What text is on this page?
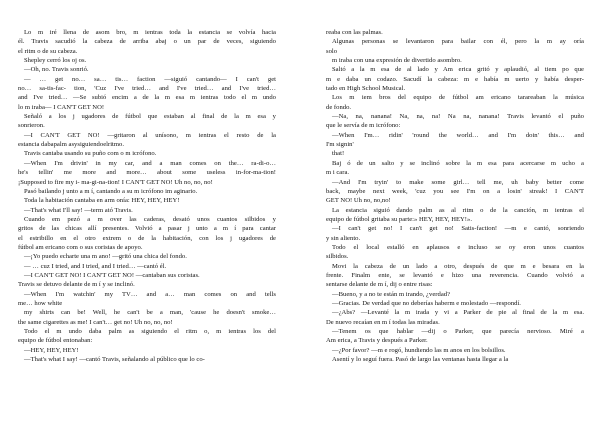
Lo m iré llena de asom bro, m ientras toda la estancia se volvía hacia
él. Travis sacudió la cabeza de arriba abaj o un par de veces, siguiendo
el ritm o de su cabeza.
Shepley cerró los oj os.
—Oh, no. Travis sonrió.
— … get no… sa… tis… faction —siguió cantando— I can't get
no… sa-tis-fac- tion, 'Cuz I've tried… and I've tried… and I've tried…
and I've tried… —Se subió encim a de la m esa m ientras todo el m undo
lo m iraba— I CAN'T GET NO!
Señaló a los j ugadores de fútbol que estaban al final de la m esa y
sonrieron.
—I CAN'T GET NO! —gritaron al unísono, m ientras el resto de la
estancia dabapalm asysiguiendoelritmo.
Travis cantaba usando su puño com o m icrófono.
—When I'm drivin' in my car, and a man comes on the… ra-di-o…
he's tellin' me more and more… about some useless in-for-ma-tion!
¡Supposed to fire my i- ma-gi-na-tion! I CAN'T GET NO! Uh no, no, no!
Pasó bailando j unto a m í, cantando a su m icrófono im aginario.
Toda la habitación cantaba en arm onía: HEY, HEY, HEY!
—That's what I'll say! —term ató Travis.
Cuando em pezó a m over las caderas, desató unos cuantos silbidos y
gritos de las chicas allí presentes. Volvió a pasar j unto a m í para cantar
el estribillo en el otro extrem o de la habitación, con los j ugadores de
fútbol am ericano com o sus coristas de apoyo.
—¡Yo puedo echarte una m ano! —gritó una chica del fondo.
— … cuz I tried, and I tried, and I tried… —cantó él.
—I CAN'T GET NO! I CAN'T GET NO! —cantaban sus coristas.
Travis se detuvo delante de m í y se inclinó.
—When I'm watchin' my TV… and a… man comes on and tells
me… how white
my shirts can be! Well, he can't be a man, 'cause he doesn't smoke…
the same cigarettes as me! I can't… get no! Uh no, no, no!
Todo el m undo daba palm as siguiendo el ritm o, m ientras los del
equipo de fútbol entonaban:
—HEY, HEY, HEY!
—That's what I say! —cantó Travis, señalando al público que lo co-
reaba con las palmas.
Algunas personas se levantaron para bailar con él, pero la m ay oría
solo
m iraba con una expresión de divertido asombro.
Saltó a la m esa de al lado y Am erica gritó y aplaudió, al tiem po que
m e daba un codazo. Sacudí la cabeza: m e había m uerto y había desper-
tado en High School Musical.
Los m iem bros del equipo de fútbol am ericano tarareaban la música
de fondo.
—Na, na, nanana! Na, na, na! Na na, nanana! Travis levantó el puño
que le servía de m icrófono:
—When I'm… ridin' 'round the world… and I'm doin' this… and
I'm signin'
that!
Baj ó de un salto y se inclinó sobre la m esa para acercarse m ucho a
m i cara.
—And I'm tryin' to make some girl… tell me, uh baby better come
back, maybe next week, 'cuz you see I'm on a losin' streak! I CAN'T
GET NO! Uh no, no,no!
La estancia siguió dando palm as al ritm o de la canción, m ientras el
equipo de fútbol gritaba su parte:» HEY, HEY, HEY!».
—I can't get no! I can't get no! Satis-faction! —m e cantó, sonriendo
y sin aliento.
Todo el local estalló en aplausos e incluso se oy eron unos cuantos
silbidos.
Movi la cabeza de un lado a otro, después de que m e besara en la
frente. Finalm ente, se levantó e hizo una reverencia. Cuando volvió a
sentarse delante de m í, dij o entre risas:
—Bueno, y a no te están m irando, ¿verdad?
—Gracias. De verdad que no deberías haberm e molestado —respondí.
—¿Abs? —Levanté la m irada y vi a Parker de pie al final de la m esa.
De nuevo recaían en m í todas las miradas.
—Tenem os que hablar —dij o Parker, que parecía nervioso. Miré a
Am erica, a Travis y después a Parker.
—¿Por favor? —m e rogó, hundiendo las m anos en los bolsillos.
Asentí y lo seguí fuera. Pasó de largo las ventanas hasta llegar a la
